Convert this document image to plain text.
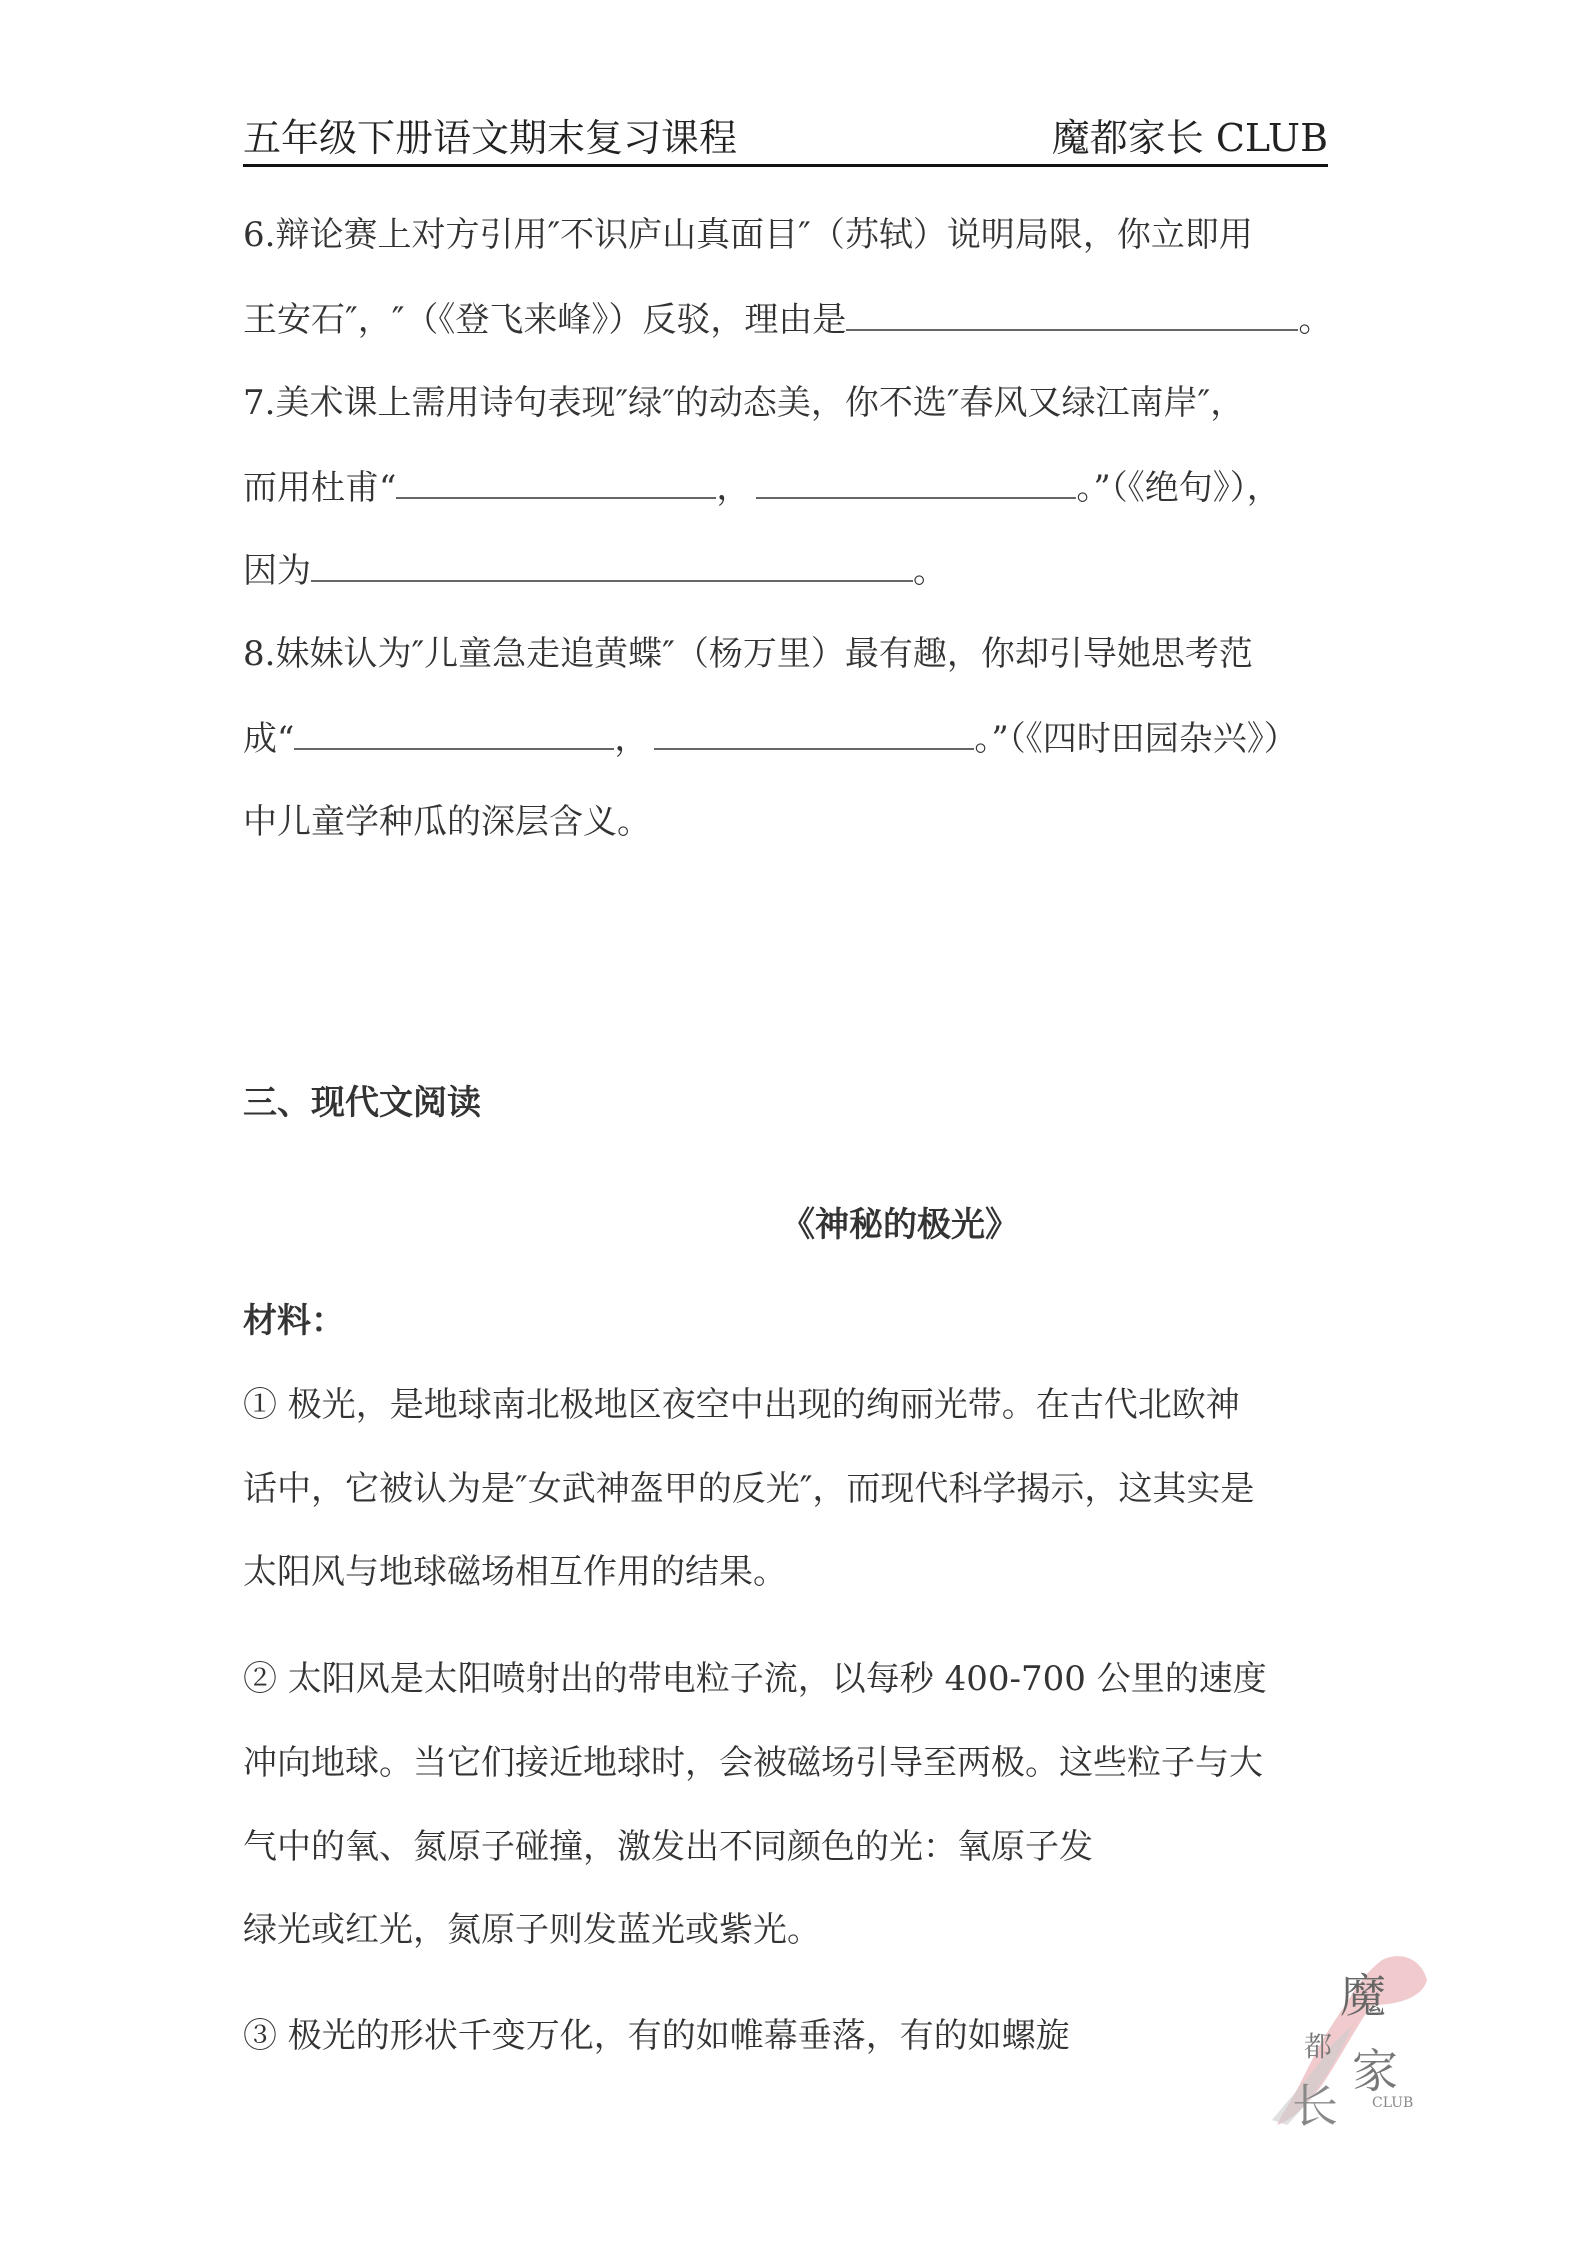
五年级下册语文期末复习课程	魔都家长 CLUB
6.辩论赛上对方引用″不识庐山真面目″（苏轼）说明局限，你立即用
王安石″，″（《登飞来峰》）反驳，理由是	。
7.美术课上需用诗句表现″绿″的动态美，你不选″春风又绿江南岸″，
而用杜甫“	，	。”（《绝句》），
因为	。
8.妹妹认为″儿童急走追黄蝶″（杨万里）最有趣，你却引导她思考范
成“	，	。”（《四时田园杂兴》）
中儿童学种瓜的深层含义。
三、现代文阅读
《神秘的极光》
材料：
① 极光，是地球南北极地区夜空中出现的绚丽光带。在古代北欧神
话中，它被认为是″女武神盔甲的反光″，而现代科学揭示，这其实是
太阳风与地球磁场相互作用的结果。
② 太阳风是太阳喷射出的带电粒子流，以每秒 400-700 公里的速度
冲向地球。当它们接近地球时，会被磁场引导至两极。这些粒子与大
气中的氧、氮原子碰撞，激发出不同颜色的光：氧原子发
绿光或红光，氮原子则发蓝光或紫光。
③ 极光的形状千变万化，有的如帷幕垂落，有的如螺旋
魔
都 家
长 CLUB
